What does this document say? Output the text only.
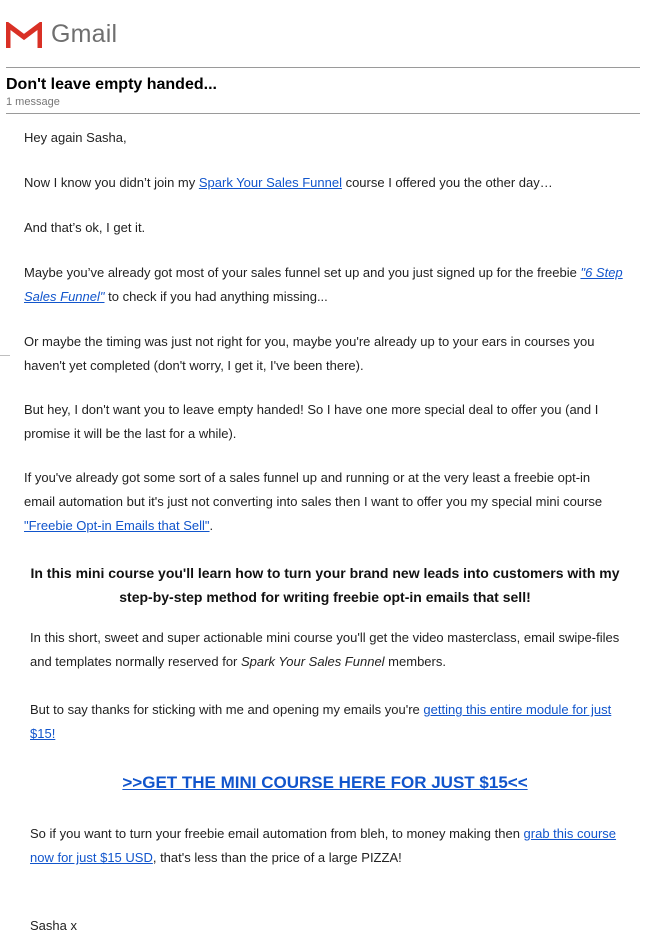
Gmail
Don't leave empty handed...
1 message

Hey again Sasha,

Now I know you didn’t join my Spark Your Sales Funnel course I offered you the other day…

And that’s ok, I get it.

Maybe you’ve already got most of your sales funnel set up and you just signed up for the freebie "6 Step Sales Funnel" to check if you had anything missing...

Or maybe the timing was just not right for you, maybe you're already up to your ears in courses you haven't yet completed (don't worry, I get it, I've been there).

But hey, I don't want you to leave empty handed! So I have one more special deal to offer you (and I promise it will be the last for a while).

If you've already got some sort of a sales funnel up and running or at the very least a freebie opt-in email automation but it's just not converting into sales then I want to offer you my special mini course "Freebie Opt-in Emails that Sell".

In this mini course you'll learn how to turn your brand new leads into customers with my step-by-step method for writing freebie opt-in emails that sell!

In this short, sweet and super actionable mini course you'll get the video masterclass, email swipe-files and templates normally reserved for Spark Your Sales Funnel members.

But to say thanks for sticking with me and opening my emails you're getting this entire module for just $15!

>>GET THE MINI COURSE HERE FOR JUST $15<<

So if you want to turn your freebie email automation from bleh, to money making then grab this course now for just $15 USD, that's less than the price of a large PIZZA!

Sasha x
